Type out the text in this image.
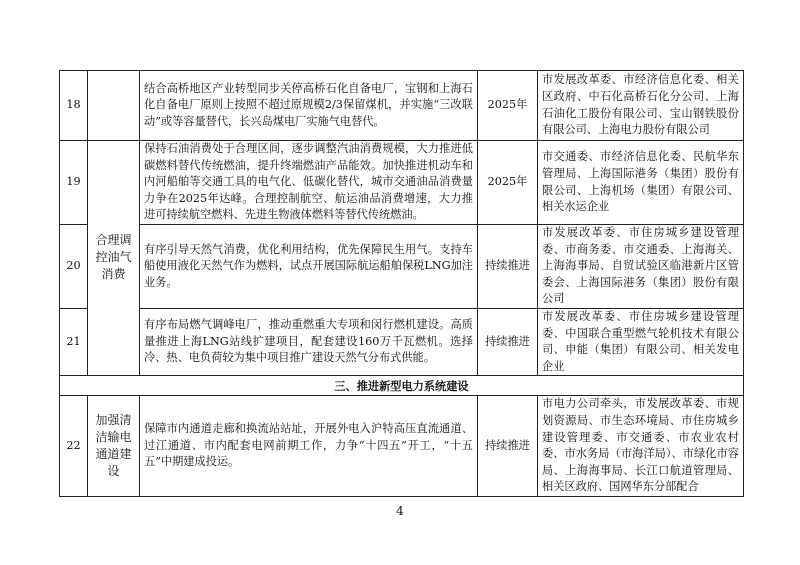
18		结合高桥地区产业转型同步关停高桥石化自备电厂，宝钢和上海石化自备电厂原则上按照不超过原规模2/3保留煤机，并实施“三改联动”或等容量替代，长兴岛煤电厂实施气电替代。	2025年	市发展改革委、市经济信息化委、相关区政府、中石化高桥石化分公司、上海石油化工股份有限公司、宝山钢铁股份有限公司、上海电力股份有限公司
19	合理调控油气消费	保持石油消费处于合理区间，逐步调整汽油消费规模，大力推进低碳燃料替代传统燃油，提升终端燃油产品能效。加快推进机动车和内河船舶等交通工具的电气化、低碳化替代，城市交通油品消费量力争在2025年达峰。合理控制航空、航运油品消费增速，大力推进可持续航空燃料、先进生物液体燃料等替代传统燃油。	2025年	市交通委、市经济信息化委、民航华东管理局、上海国际港务（集团）股份有限公司、上海机场（集团）有限公司、相关水运企业
20		有序引导天然气消费，优化利用结构，优先保障民生用气。支持车船使用液化天然气作为燃料，试点开展国际航运船舶保税LNG加注业务。	持续推进	市发展改革委、市住房城乡建设管理委、市商务委、市交通委、上海海关、上海海事局、自贸试验区临港新片区管委会、上海国际港务（集团）股份有限公司
21		有序布局燃气调峰电厂，推动重燃重大专项和闵行燃机建设。高质量推进上海LNG站线扩建项目，配套建设160万千瓦燃机。选择冷、热、电负荷较为集中项目推广建设天然气分布式供能。	持续推进	市发展改革委、市住房城乡建设管理委、中国联合重型燃气轮机技术有限公司、申能（集团）有限公司、相关发电企业
三、推进新型电力系统建设				
22	加强清洁输电通道建设	保障市内通道走廊和换流站站址，开展外电入沪特高压直流通道、过江通道、市内配套电网前期工作，力争“十四五”开工，“十五五”中期建成投运。	持续推进	市电力公司牵头，市发展改革委、市规划资源局、市生态环境局、市住房城乡建设管理委、市交通委、市农业农村委、市水务局（市海洋局）、市绿化市容局、上海海事局、长江口航道管理局、相关区政府、国网华东分部配合
4
